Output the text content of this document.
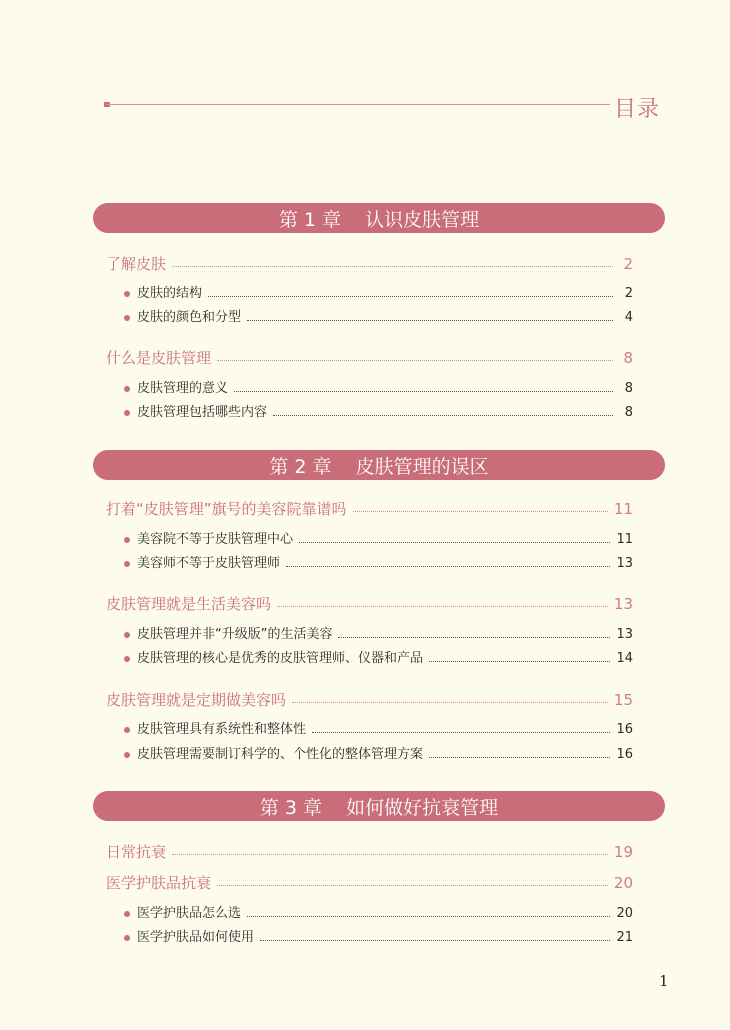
目录
第 1 章    认识皮肤管理
第 2 章    皮肤管理的误区
第 3 章    如何做好抗衰管理
了解皮肤	2
皮肤的结构	2
皮肤的颜色和分型	4
什么是皮肤管理	8
皮肤管理的意义	8
皮肤管理包括哪些内容	8
打着“皮肤管理”旗号的美容院靠谱吗	11
美容院不等于皮肤管理中心	11
美容师不等于皮肤管理师	13
皮肤管理就是生活美容吗	13
皮肤管理并非“升级版”的生活美容	13
皮肤管理的核心是优秀的皮肤管理师、仪器和产品	14
皮肤管理就是定期做美容吗	15
皮肤管理具有系统性和整体性	16
皮肤管理需要制订科学的、个性化的整体管理方案	16
日常抗衰	19
医学护肤品抗衰	20
医学护肤品怎么选	20
医学护肤品如何使用	21
1
